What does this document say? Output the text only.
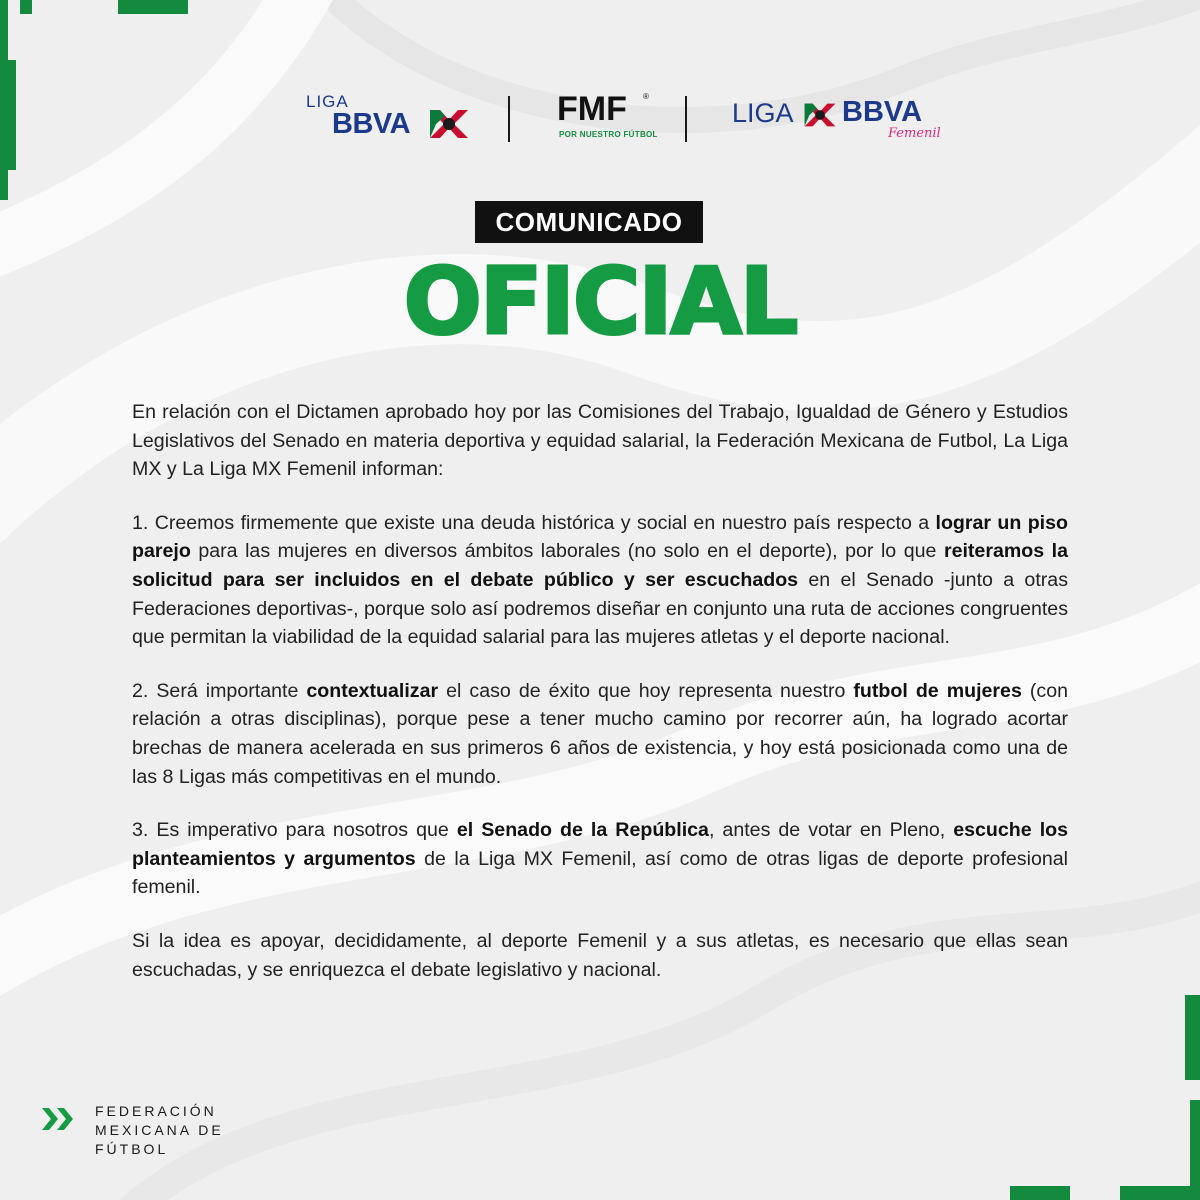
LIGA
BBVA	FMF ®
POR NUESTRO FÚTBOL
LIGA BBVA
Femenil
COMUNICADO
OFICIAL

En relación con el Dictamen aprobado hoy por las Comisiones del Trabajo, Igualdad de Género y Estudios Legislativos del Senado en materia deportiva y equidad salarial, la Federación Mexicana de Futbol, La Liga MX y La Liga MX Femenil informan:

1. Creemos firmemente que existe una deuda histórica y social en nuestro país respecto a lograr un piso parejo para las mujeres en diversos ámbitos laborales (no solo en el deporte), por lo que reiteramos la solicitud para ser incluidos en el debate público y ser escuchados en el Senado -junto a otras Federaciones deportivas-, porque solo así podremos diseñar en conjunto una ruta de acciones congruentes que permitan la viabilidad de la equidad salarial para las mujeres atletas y el deporte nacional.

2. Será importante contextualizar el caso de éxito que hoy representa nuestro futbol de mujeres (con relación a otras disciplinas), porque pese a tener mucho camino por recorrer aún, ha logrado acortar brechas de manera acelerada en sus primeros 6 años de existencia, y hoy está posicionada como una de las 8 Ligas más competitivas en el mundo.

3. Es imperativo para nosotros que el Senado de la República, antes de votar en Pleno, escuche los planteamientos y argumentos de la Liga MX Femenil, así como de otras ligas de deporte profesional femenil.

Si la idea es apoyar, decididamente, al deporte Femenil y a sus atletas, es necesario que ellas sean escuchadas, y se enriquezca el debate legislativo y nacional.

FEDERACIÓN
MEXICANA DE
FÚTBOL
